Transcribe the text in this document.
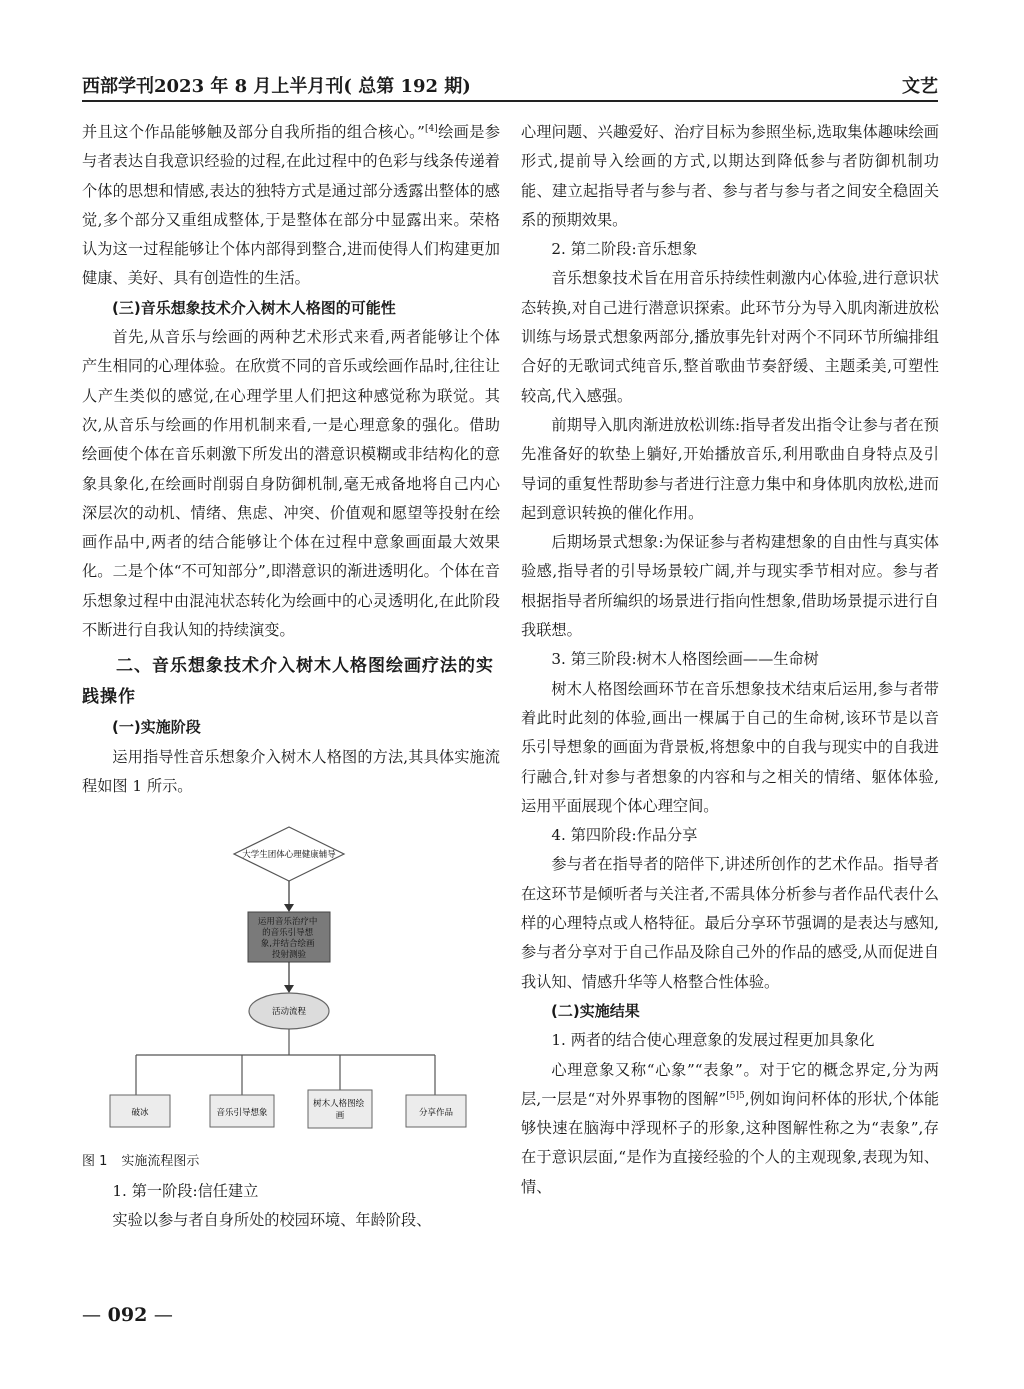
西部学刊2023 年 8 月上半月刊( 总第 192 期)	文艺

并且这个作品能够触及部分自我所指的组合核心。”[4]绘画是参与者表达自我意识经验的过程,在此过程中的色彩与线条传递着个体的思想和情感,表达的独特方式是通过部分透露出整体的感觉,多个部分又重组成整体,于是整体在部分中显露出来。荣格认为这一过程能够让个体内部得到整合,进而使得人们构建更加健康、美好、具有创造性的生活。

(三)音乐想象技术介入树木人格图的可能性

首先,从音乐与绘画的两种艺术形式来看,两者能够让个体产生相同的心理体验。在欣赏不同的音乐或绘画作品时,往往让人产生类似的感觉,在心理学里人们把这种感觉称为联觉。其次,从音乐与绘画的作用机制来看,一是心理意象的强化。借助绘画使个体在音乐刺激下所发出的潜意识模糊或非结构化的意象具象化,在绘画时削弱自身防御机制,毫无戒备地将自己内心深层次的动机、情绪、焦虑、冲突、价值观和愿望等投射在绘画作品中,两者的结合能够让个体在过程中意象画面最大效果化。二是个体“不可知部分”,即潜意识的渐进透明化。个体在音乐想象过程中由混沌状态转化为绘画中的心灵透明化,在此阶段不断进行自我认知的持续演变。

二、音乐想象技术介入树木人格图绘画疗法的实践操作
(一)实施阶段

运用指导性音乐想象介入树木人格图的方法,其具体实施流程如图 1 所示。

大学生团体心理健康辅导
运用音乐治疗中 的音乐引导想 象,并结合绘画 投射测验
活动流程
破冰	音乐引导想象
树木人格图绘 画	分享作品

图 1 实施流程图示

1. 第一阶段:信任建立

实验以参与者自身所处的校园环境、年龄阶段、

心理问题、兴趣爱好、治疗目标为参照坐标,选取集体趣味绘画形式,提前导入绘画的方式,以期达到降低参与者防御机制功能、建立起指导者与参与者、参与者与参与者之间安全稳固关系的预期效果。

2. 第二阶段:音乐想象

音乐想象技术旨在用音乐持续性刺激内心体验,进行意识状态转换,对自己进行潜意识探索。此环节分为导入肌肉渐进放松训练与场景式想象两部分,播放事先针对两个不同环节所编排组合好的无歌词式纯音乐,整首歌曲节奏舒缓、主题柔美,可塑性较高,代入感强。

前期导入肌肉渐进放松训练:指导者发出指令让参与者在预先准备好的软垫上躺好,开始播放音乐,利用歌曲自身特点及引导词的重复性帮助参与者进行注意力集中和身体肌肉放松,进而起到意识转换的催化作用。

后期场景式想象:为保证参与者构建想象的自由性与真实体验感,指导者的引导场景较广阔,并与现实季节相对应。参与者根据指导者所编织的场景进行指向性想象,借助场景提示进行自我联想。

3. 第三阶段:树木人格图绘画——生命树

树木人格图绘画环节在音乐想象技术结束后运用,参与者带着此时此刻的体验,画出一棵属于自己的生命树,该环节是以音乐引导想象的画面为背景板,将想象中的自我与现实中的自我进行融合,针对参与者想象的内容和与之相关的情绪、躯体体验,运用平面展现个体心理空间。

4. 第四阶段:作品分享

参与者在指导者的陪伴下,讲述所创作的艺术作品。指导者在这环节是倾听者与关注者,不需具体分析参与者作品代表什么样的心理特点或人格特征。最后分享环节强调的是表达与感知,参与者分享对于自己作品及除自己外的作品的感受,从而促进自我认知、情感升华等人格整合性体验。

(二)实施结果

1. 两者的结合使心理意象的发展过程更加具象化

心理意象又称“心象”“表象”。对于它的概念界定,分为两层,一层是“对外界事物的图解”$^{[5]5}$,例如询问杯体的形状,个体能够快速在脑海中浮现杯子的形象,这种图解性称之为“表象”,存在于意识层面,“是作为直接经验的个人的主观现象,表现为知、情、

— 092 —
